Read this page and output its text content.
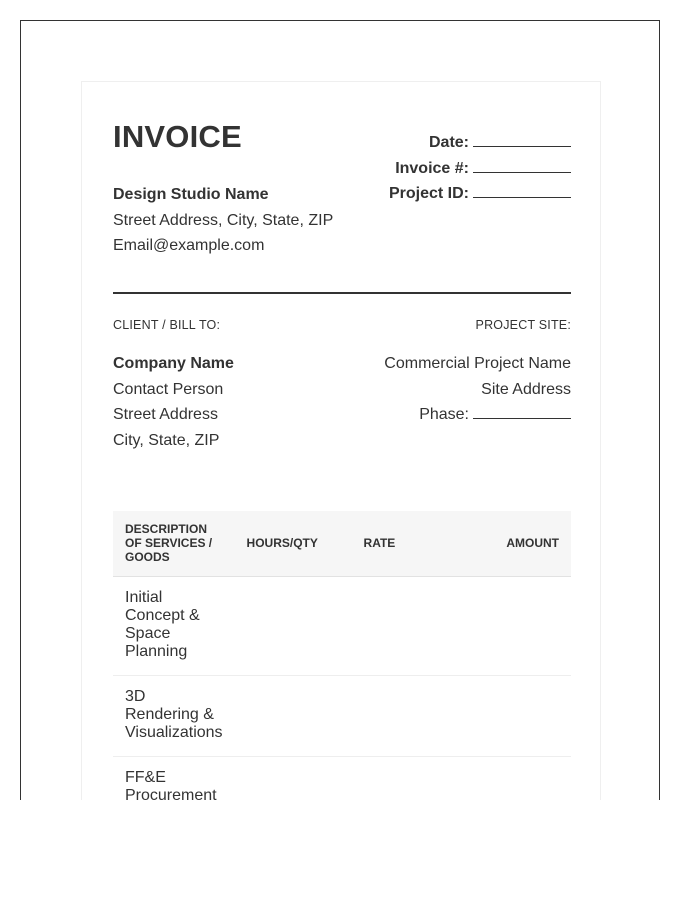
INVOICE
Design Studio Name
Street Address, City, State, ZIP
Email@example.com
Date:
Invoice #:
Project ID:
CLIENT / BILL TO:	PROJECT SITE:
Company Name
Contact Person
Street Address
City, State, ZIP
Commercial Project Name
Site Address
Phase:
DESCRIPTION OF SERVICES / GOODS	HOURS/QTY	RATE	AMOUNT
Initial Concept & Space Planning			
3D Rendering & Visualizations			
FF&E Procurement			
